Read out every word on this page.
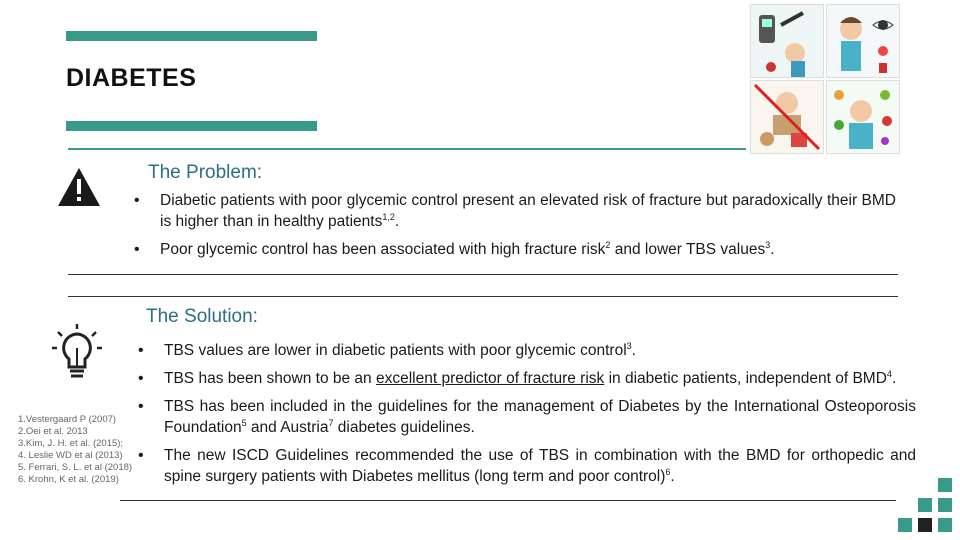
DIABETES
The Problem:
• Diabetic patients with poor glycemic control present an elevated risk of fracture but paradoxically their BMD is higher than in healthy patients$^{1,2}$.
• Poor glycemic control has been associated with high fracture risk$^2$ and lower TBS values$^3$.
The Solution:
• TBS values are lower in diabetic patients with poor glycemic control$^3$.
• TBS has been shown to be an excellent predictor of fracture risk in diabetic patients, independent of BMD$^4$.
• TBS has been included in the guidelines for the management of Diabetes by the International Osteoporosis Foundation$^5$ and Austria$^7$ diabetes guidelines.
• The new ISCD Guidelines recommended the use of TBS in combination with the BMD for orthopedic and spine surgery patients with Diabetes mellitus (long term and poor control)$^6$.
1.Vestergaard P (2007)
2.Oei et al. 2013
3.Kim, J. H. et al. (2015);
4. Leslie WD et al (2013)
5. Ferrari, S. L. et al (2018)
6. Krohn, K et al. (2019)
